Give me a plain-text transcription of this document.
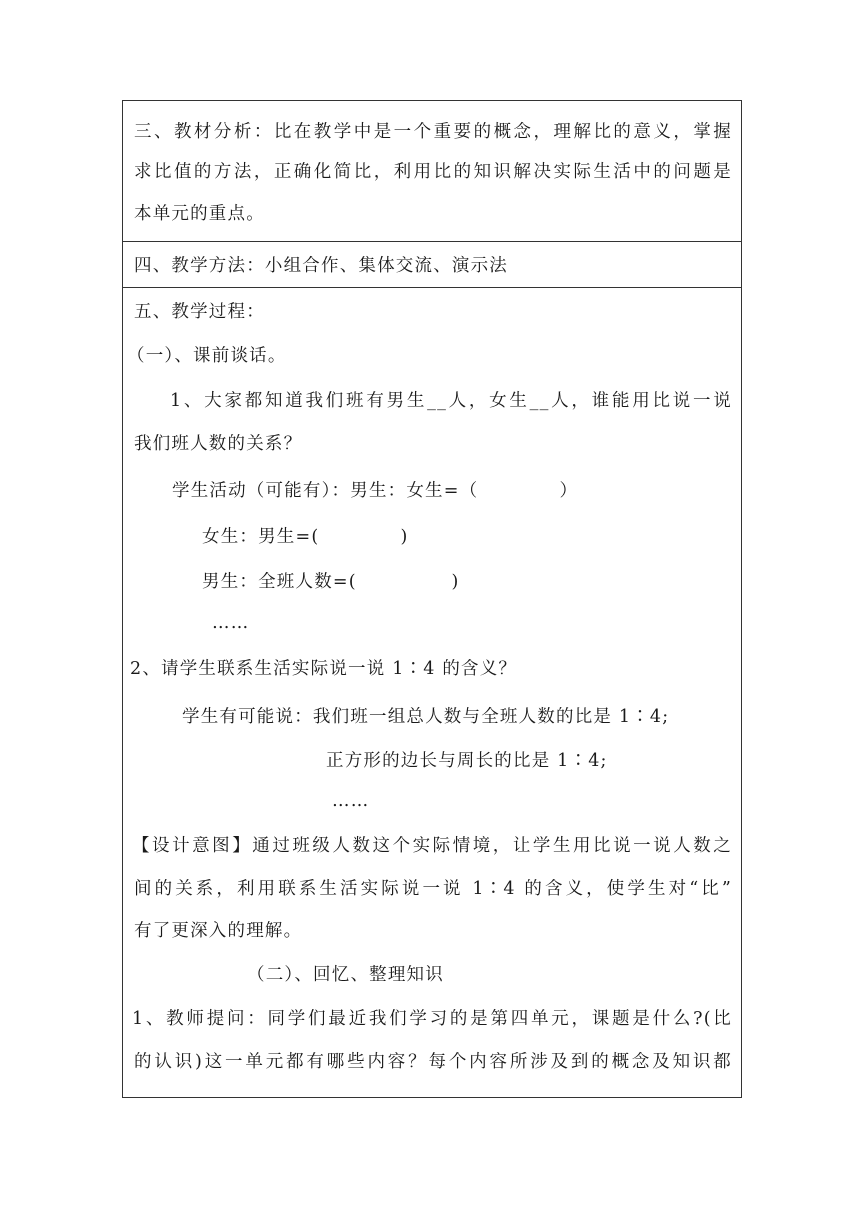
三、教材分析：比在教学中是一个重要的概念，理解比的意义，掌握
求比值的方法，正确化简比，利用比的知识解决实际生活中的问题是
本单元的重点。
四、教学方法：小组合作、集体交流、演示法
五、教学过程：
（一）、课前谈话。
1、大家都知道我们班有男生__人，女生__人，谁能用比说一说
我们班人数的关系？
学生活动（可能有）：男生：女生=（            ）
女生：男生=(            )
男生：全班人数=(              )
……
2、请学生联系生活实际说一说 1∶4 的含义？
学生有可能说：我们班一组总人数与全班人数的比是 1∶4;
正方形的边长与周长的比是 1∶4;
……
【设计意图】通过班级人数这个实际情境，让学生用比说一说人数之
间的关系，利用联系生活实际说一说 1∶4 的含义，使学生对“比”
有了更深入的理解。
（二）、回忆、整理知识
1、教师提问：同学们最近我们学习的是第四单元，课题是什么?(比
的认识)这一单元都有哪些内容？每个内容所涉及到的概念及知识都
